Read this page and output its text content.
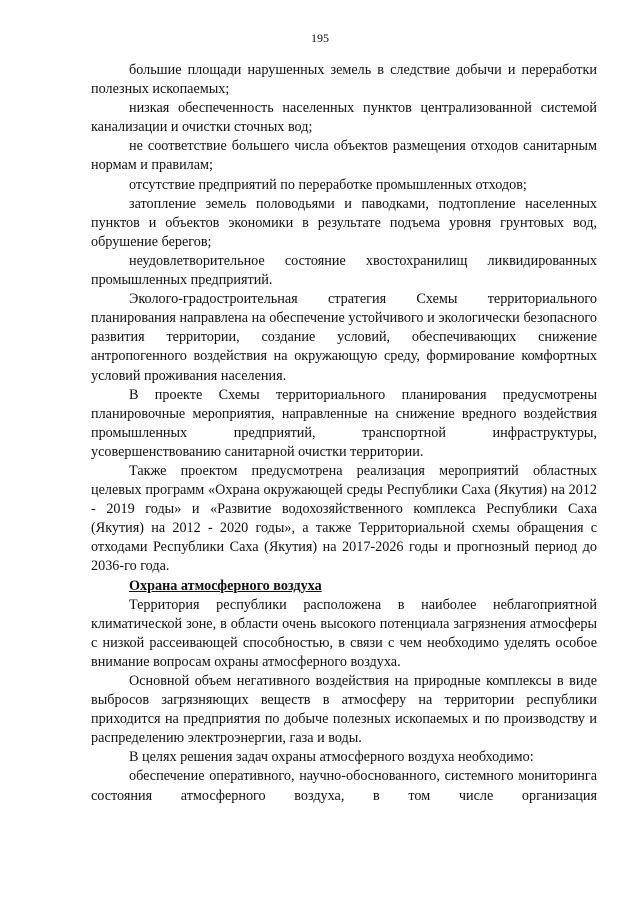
195

большие площади нарушенных земель в следствие добычи и переработки полезных ископаемых;

низкая обеспеченность населенных пунктов централизованной системой канализации и очистки сточных вод;

не соответствие большего числа объектов размещения отходов санитарным нормам и правилам;

отсутствие предприятий по переработке промышленных отходов;

затопление земель половодьями и паводками, подтопление населенных пунктов и объектов экономики в результате подъема уровня грунтовых вод, обрушение берегов;

неудовлетворительное состояние хвостохранилищ ликвидированных промышленных предприятий.

Эколого-градостроительная стратегия Схемы территориального планирования направлена на обеспечение устойчивого и экологически безопасного развития территории, создание условий, обеспечивающих снижение антропогенного воздействия на окружающую среду, формирование комфортных условий проживания населения.

В проекте Схемы территориального планирования предусмотрены планировочные мероприятия, направленные на снижение вредного воздействия промышленных предприятий, транспортной инфраструктуры, усовершенствованию санитарной очистки территории.

Также проектом предусмотрена реализация мероприятий областных целевых программ «Охрана окружающей среды Республики Саха (Якутия) на 2012 - 2019 годы» и «Развитие водохозяйственного комплекса Республики Саха (Якутия) на 2012 - 2020 годы», а также Территориальной схемы обращения с отходами Республики Саха (Якутия) на 2017-2026 годы и прогнозный период до 2036-го года.

Охрана атмосферного воздуха

Территория республики расположена в наиболее неблагоприятной климатической зоне, в области очень высокого потенциала загрязнения атмосферы с низкой рассеивающей способностью, в связи с чем необходимо уделять особое внимание вопросам охраны атмосферного воздуха.

Основной объем негативного воздействия на природные комплексы в виде выбросов загрязняющих веществ в атмосферу на территории республики приходится на предприятия по добыче полезных ископаемых и по производству и распределению электроэнергии, газа и воды.

В целях решения задач охраны атмосферного воздуха необходимо:

обеспечение оперативного, научно-обоснованного, системного мониторинга состояния атмосферного воздуха, в том числе организация
